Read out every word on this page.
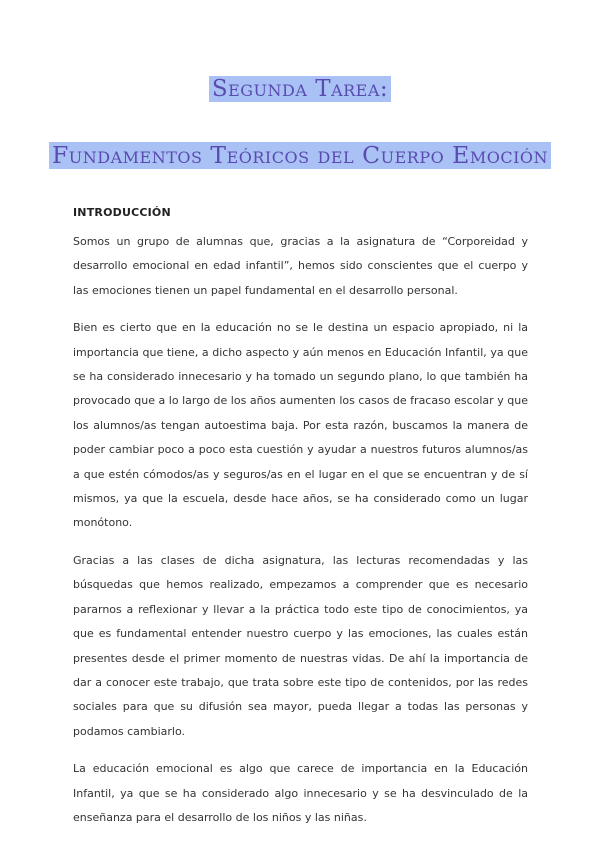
Segunda Tarea:
Fundamentos Teóricos del Cuerpo Emoción
INTRODUCCIÓN

Somos un grupo de alumnas que, gracias a la asignatura de “Corporeidad y desarrollo emocional en edad infantil”, hemos sido conscientes que el cuerpo y las emociones tienen un papel fundamental en el desarrollo personal.

Bien es cierto que en la educación no se le destina un espacio apropiado, ni la importancia que tiene, a dicho aspecto y aún menos en Educación Infantil, ya que se ha considerado innecesario y ha tomado un segundo plano, lo que también ha provocado que a lo largo de los años aumenten los casos de fracaso escolar y que los alumnos/as tengan autoestima baja. Por esta razón, buscamos la manera de poder cambiar poco a poco esta cuestión y ayudar a nuestros futuros alumnos/as a que estén cómodos/as y seguros/as en el lugar en el que se encuentran y de sí mismos, ya que la escuela, desde hace años, se ha considerado como un lugar monótono.

Gracias a las clases de dicha asignatura, las lecturas recomendadas y las búsquedas que hemos realizado, empezamos a comprender que es necesario pararnos a reflexionar y llevar a la práctica todo este tipo de conocimientos, ya que es fundamental entender nuestro cuerpo y las emociones, las cuales están presentes desde el primer momento de nuestras vidas. De ahí la importancia de dar a conocer este trabajo, que trata sobre este tipo de contenidos, por las redes sociales para que su difusión sea mayor, pueda llegar a todas las personas y podamos cambiarlo.

La educación emocional es algo que carece de importancia en la Educación Infantil, ya que se ha considerado algo innecesario y se ha desvinculado de la enseñanza para el desarrollo de los niños y las niñas.
